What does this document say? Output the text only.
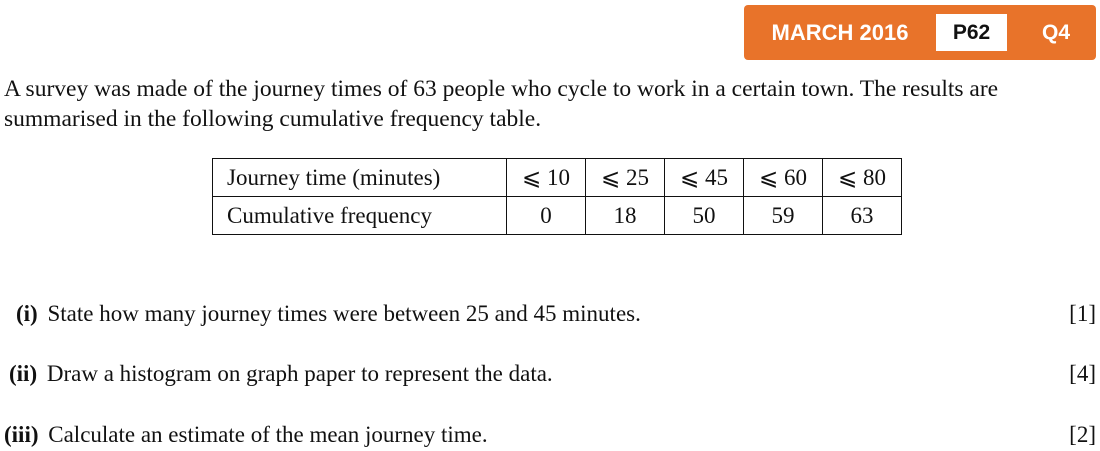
MARCH 2016	P62	Q4

A survey was made of the journey times of 63 people who cycle to work in a certain town. The results are summarised in the following cumulative frequency table.

Journey time (minutes)	⩽ 10	⩽ 25	⩽ 45	⩽ 60	⩽ 80
Cumulative frequency	0	18	50	59	63
(i) State how many journey times were between 25 and 45 minutes.	[1]
(ii) Draw a histogram on graph paper to represent the data.	[4]
(iii) Calculate an estimate of the mean journey time.	[2]
